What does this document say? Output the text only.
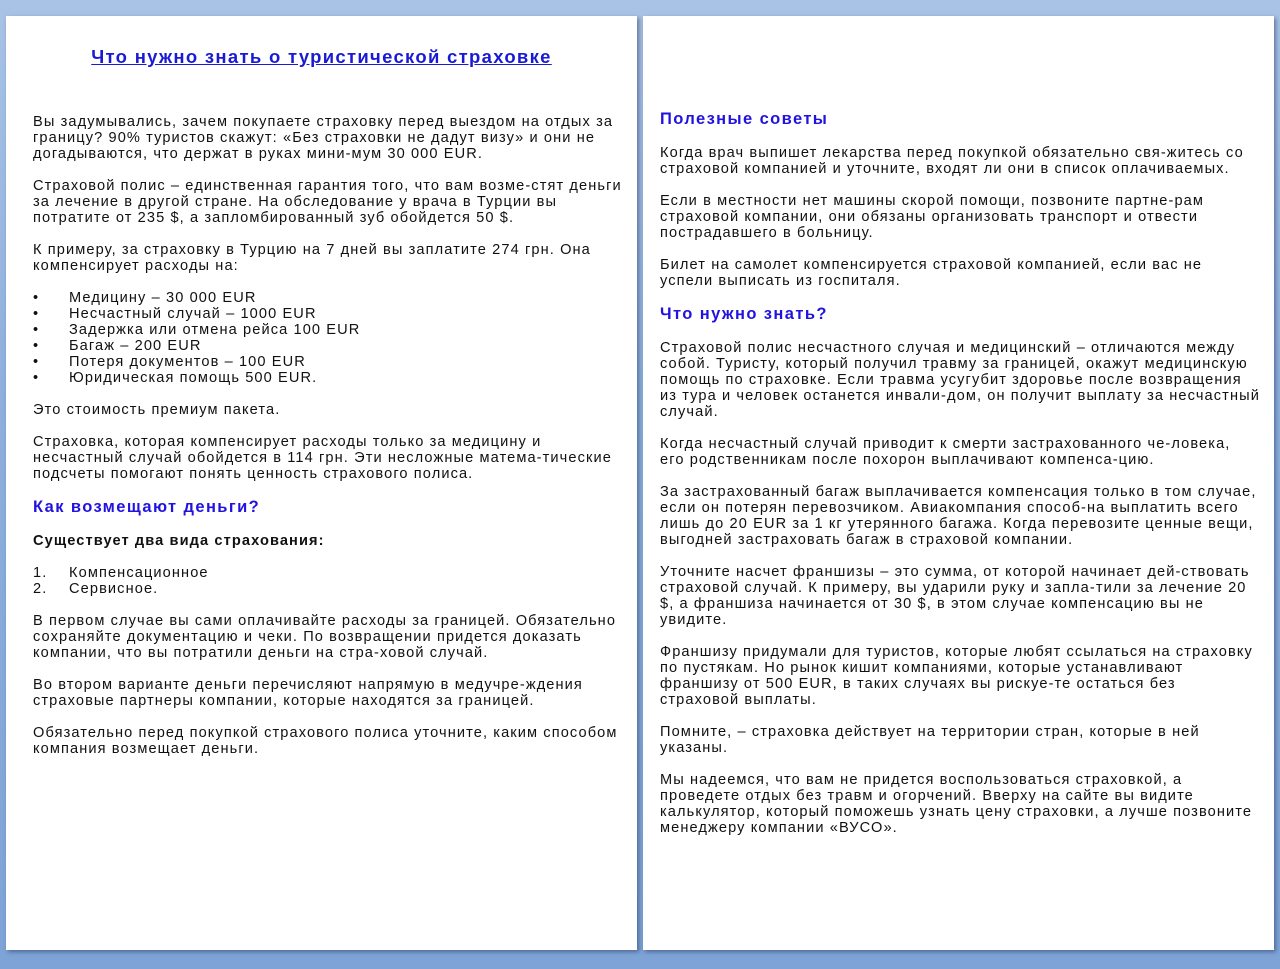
Что нужно знать о туристической страховке

Вы задумывались, зачем покупаете страховку перед выездом на отдых за границу? 90% туристов скажут: «Без страховки не дадут визу» и они не догадываются, что держат в руках мини-мум 30 000 EUR.

Страховой полис – единственная гарантия того, что вам возме-стят деньги за лечение в другой стране. На обследование у врача в Турции вы потратите от 235 $, а запломбированный зуб обойдется 50 $.

К примеру, за страховку в Турцию на 7 дней вы заплатите 274 грн. Она компенсирует расходы на:

• Медицину – 30 000 EUR
• Несчастный случай – 1000 EUR
• Задержка или отмена рейса 100 EUR
• Багаж – 200 EUR
• Потеря документов – 100 EUR
• Юридическая помощь 500 EUR.

Это стоимость премиум пакета.

Страховка, которая компенсирует расходы только за медицину и несчастный случай обойдется в 114 грн. Эти несложные матема-тические подсчеты помогают понять ценность страхового полиса.

Как возмещают деньги?
Существует два вида страхования:
1. Компенсационное
2. Сервисное.

В первом случае вы сами оплачивайте расходы за границей. Обязательно сохраняйте документацию и чеки. По возвращении придется доказать компании, что вы потратили деньги на стра-ховой случай.

Во втором варианте деньги перечисляют напрямую в медучре-ждения страховые партнеры компании, которые находятся за границей.

Обязательно перед покупкой страхового полиса уточните, каким способом компания возмещает деньги.

Полезные советы

Когда врач выпишет лекарства перед покупкой обязательно свя-житесь со страховой компанией и уточните, входят ли они в список оплачиваемых.

Если в местности нет машины скорой помощи, позвоните партне-рам страховой компании, они обязаны организовать транспорт и отвести пострадавшего в больницу.

Билет на самолет компенсируется страховой компанией, если вас не успели выписать из госпиталя.

Что нужно знать?

Страховой полис несчастного случая и медицинский – отличаются между собой. Туристу, который получил травму за границей, окажут медицинскую помощь по страховке. Если травма усугубит здоровье после возвращения из тура и человек останется инвали-дом, он получит выплату за несчастный случай.

Когда несчастный случай приводит к смерти застрахованного че-ловека, его родственникам после похорон выплачивают компенса-цию.

За застрахованный багаж выплачивается компенсация только в том случае, если он потерян перевозчиком. Авиакомпания способ-на выплатить всего лишь до 20 EUR за 1 кг утерянного багажа. Когда перевозите ценные вещи, выгодней застраховать багаж в страховой компании.

Уточните насчет франшизы – это сумма, от которой начинает дей-ствовать страховой случай. К примеру, вы ударили руку и запла-тили за лечение 20 $, а франшиза начинается от 30 $, в этом случае компенсацию вы не увидите.

Франшизу придумали для туристов, которые любят ссылаться на страховку по пустякам. Но рынок кишит компаниями, которые устанавливают франшизу от 500 EUR, в таких случаях вы рискуе-те остаться без страховой выплаты.

Помните, – страховка действует на территории стран, которые в ней указаны.

Мы надеемся, что вам не придется воспользоваться страховкой, а проведете отдых без травм и огорчений. Вверху на сайте вы видите калькулятор, который поможешь узнать цену страховки, а лучше позвоните менеджеру компании «ВУСО».
